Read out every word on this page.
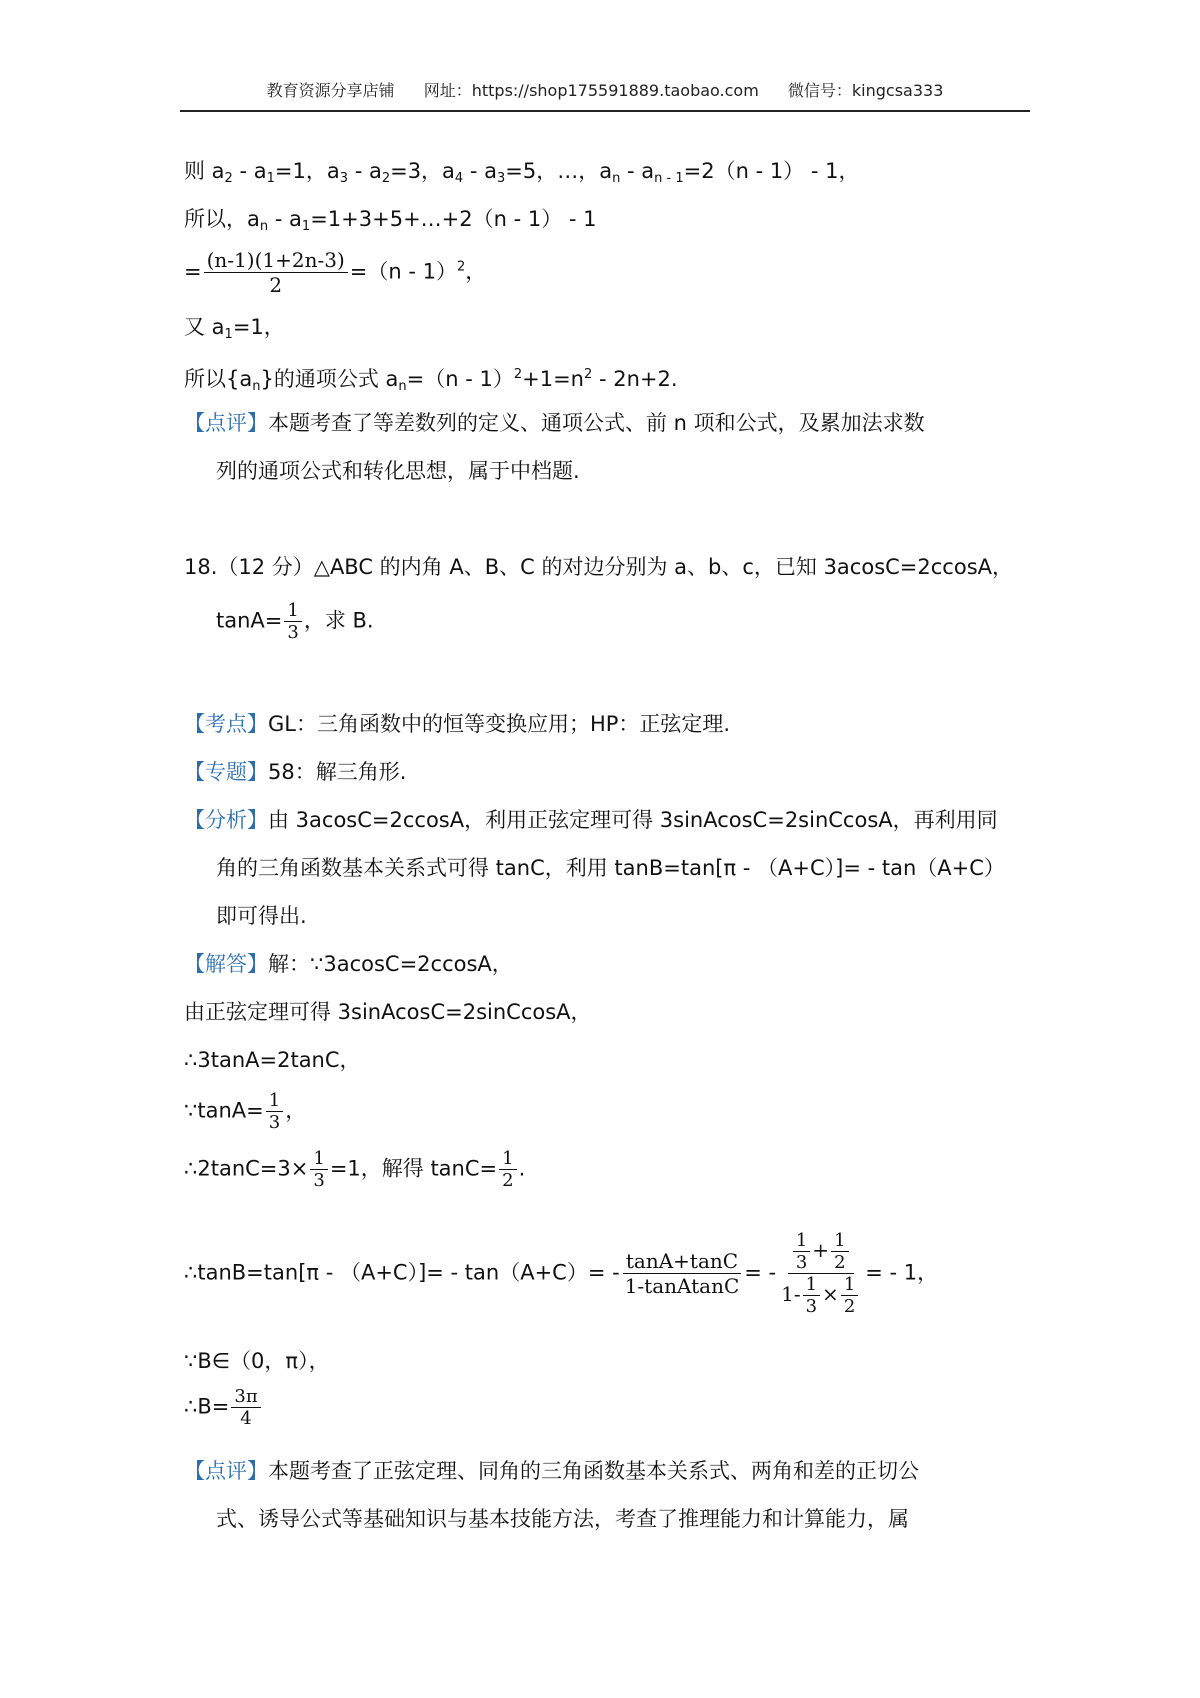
教育资源分享店铺 网址：https://shop175591889.taobao.com 微信号：kingcsa333
则 $a_2 - a_1=1$，$a_3 - a_2=3$，$a_4 - a_3=5$，…，$a_n - a_{n - 1}=2(n - 1) - 1$，
所以，$a_n$ - $a_1=1+3+5+\dots+2(n - 1) - 1$
= $\frac{(n-1)(1+2n-3)}{2} =(n - 1)^2$，
又 $a_1=1$，
所以$\{a_n\}$的通项公式 $a_n=(n - 1)^2+1=n^2 - 2n+2$.
【点评】本题考查了等差数列的定义、通项公式、前 n 项和公式，及累加法求数
列的通项公式和转化思想，属于中档题.
18.（12 分）△ABC 的内角 A、B、C 的对边分别为 a、b、c，已知 3acosC=2ccosA，
$\tan A= \frac{1}{3}$ ，求 B.
【考点】GL：三角函数中的恒等变换应用；HP：正弦定理.
【专题】58：解三角形.
【分析】由 3acosC=2ccosA，利用正弦定理可得 3sinAcosC=2sinCcosA，再利用同
角的三角函数基本关系式可得 tanC，利用 tanB=tan[π - （A+C）]= - tan（A+C）
即可得出.
【解答】解：∵3acosC=2ccosA，
由正弦定理可得 3sinAcosC=2sinCcosA，
∴3tanA=2tanC，
∵tanA= $\frac{1}{3}$ ，
∴2tanC=3× $\frac{1}{3} =1$，解得 $\tan C= \frac{1}{2}$ .
∴tanB=tan[π - $(A+C)]= - \tan(A+C)= - \frac{\tan A+\tan C}{\text{1-tanAtanC}}$ = - $\frac{\frac{1}{3} + \frac{1}{2}}{1- \frac{1}{3} \times \frac{1}{2}}$ = - 1，
∵B∈（0，π），
∴B= $\frac{3\pi}{4}$
【点评】本题考查了正弦定理、同角的三角函数基本关系式、两角和差的正切公
式、诱导公式等基础知识与基本技能方法，考查了推理能力和计算能力，属
